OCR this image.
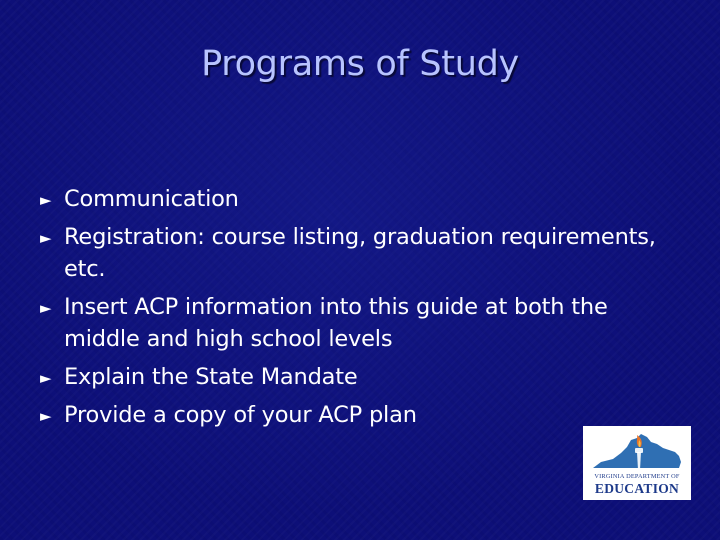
Programs of Study
► Communication
► Registration: course listing, graduation requirements, etc.
► Insert ACP information into this guide at both the middle and high school levels
► Explain the State Mandate
► Provide a copy of your ACP plan
VIRGINIA DEPARTMENT OF
EDUCATION
